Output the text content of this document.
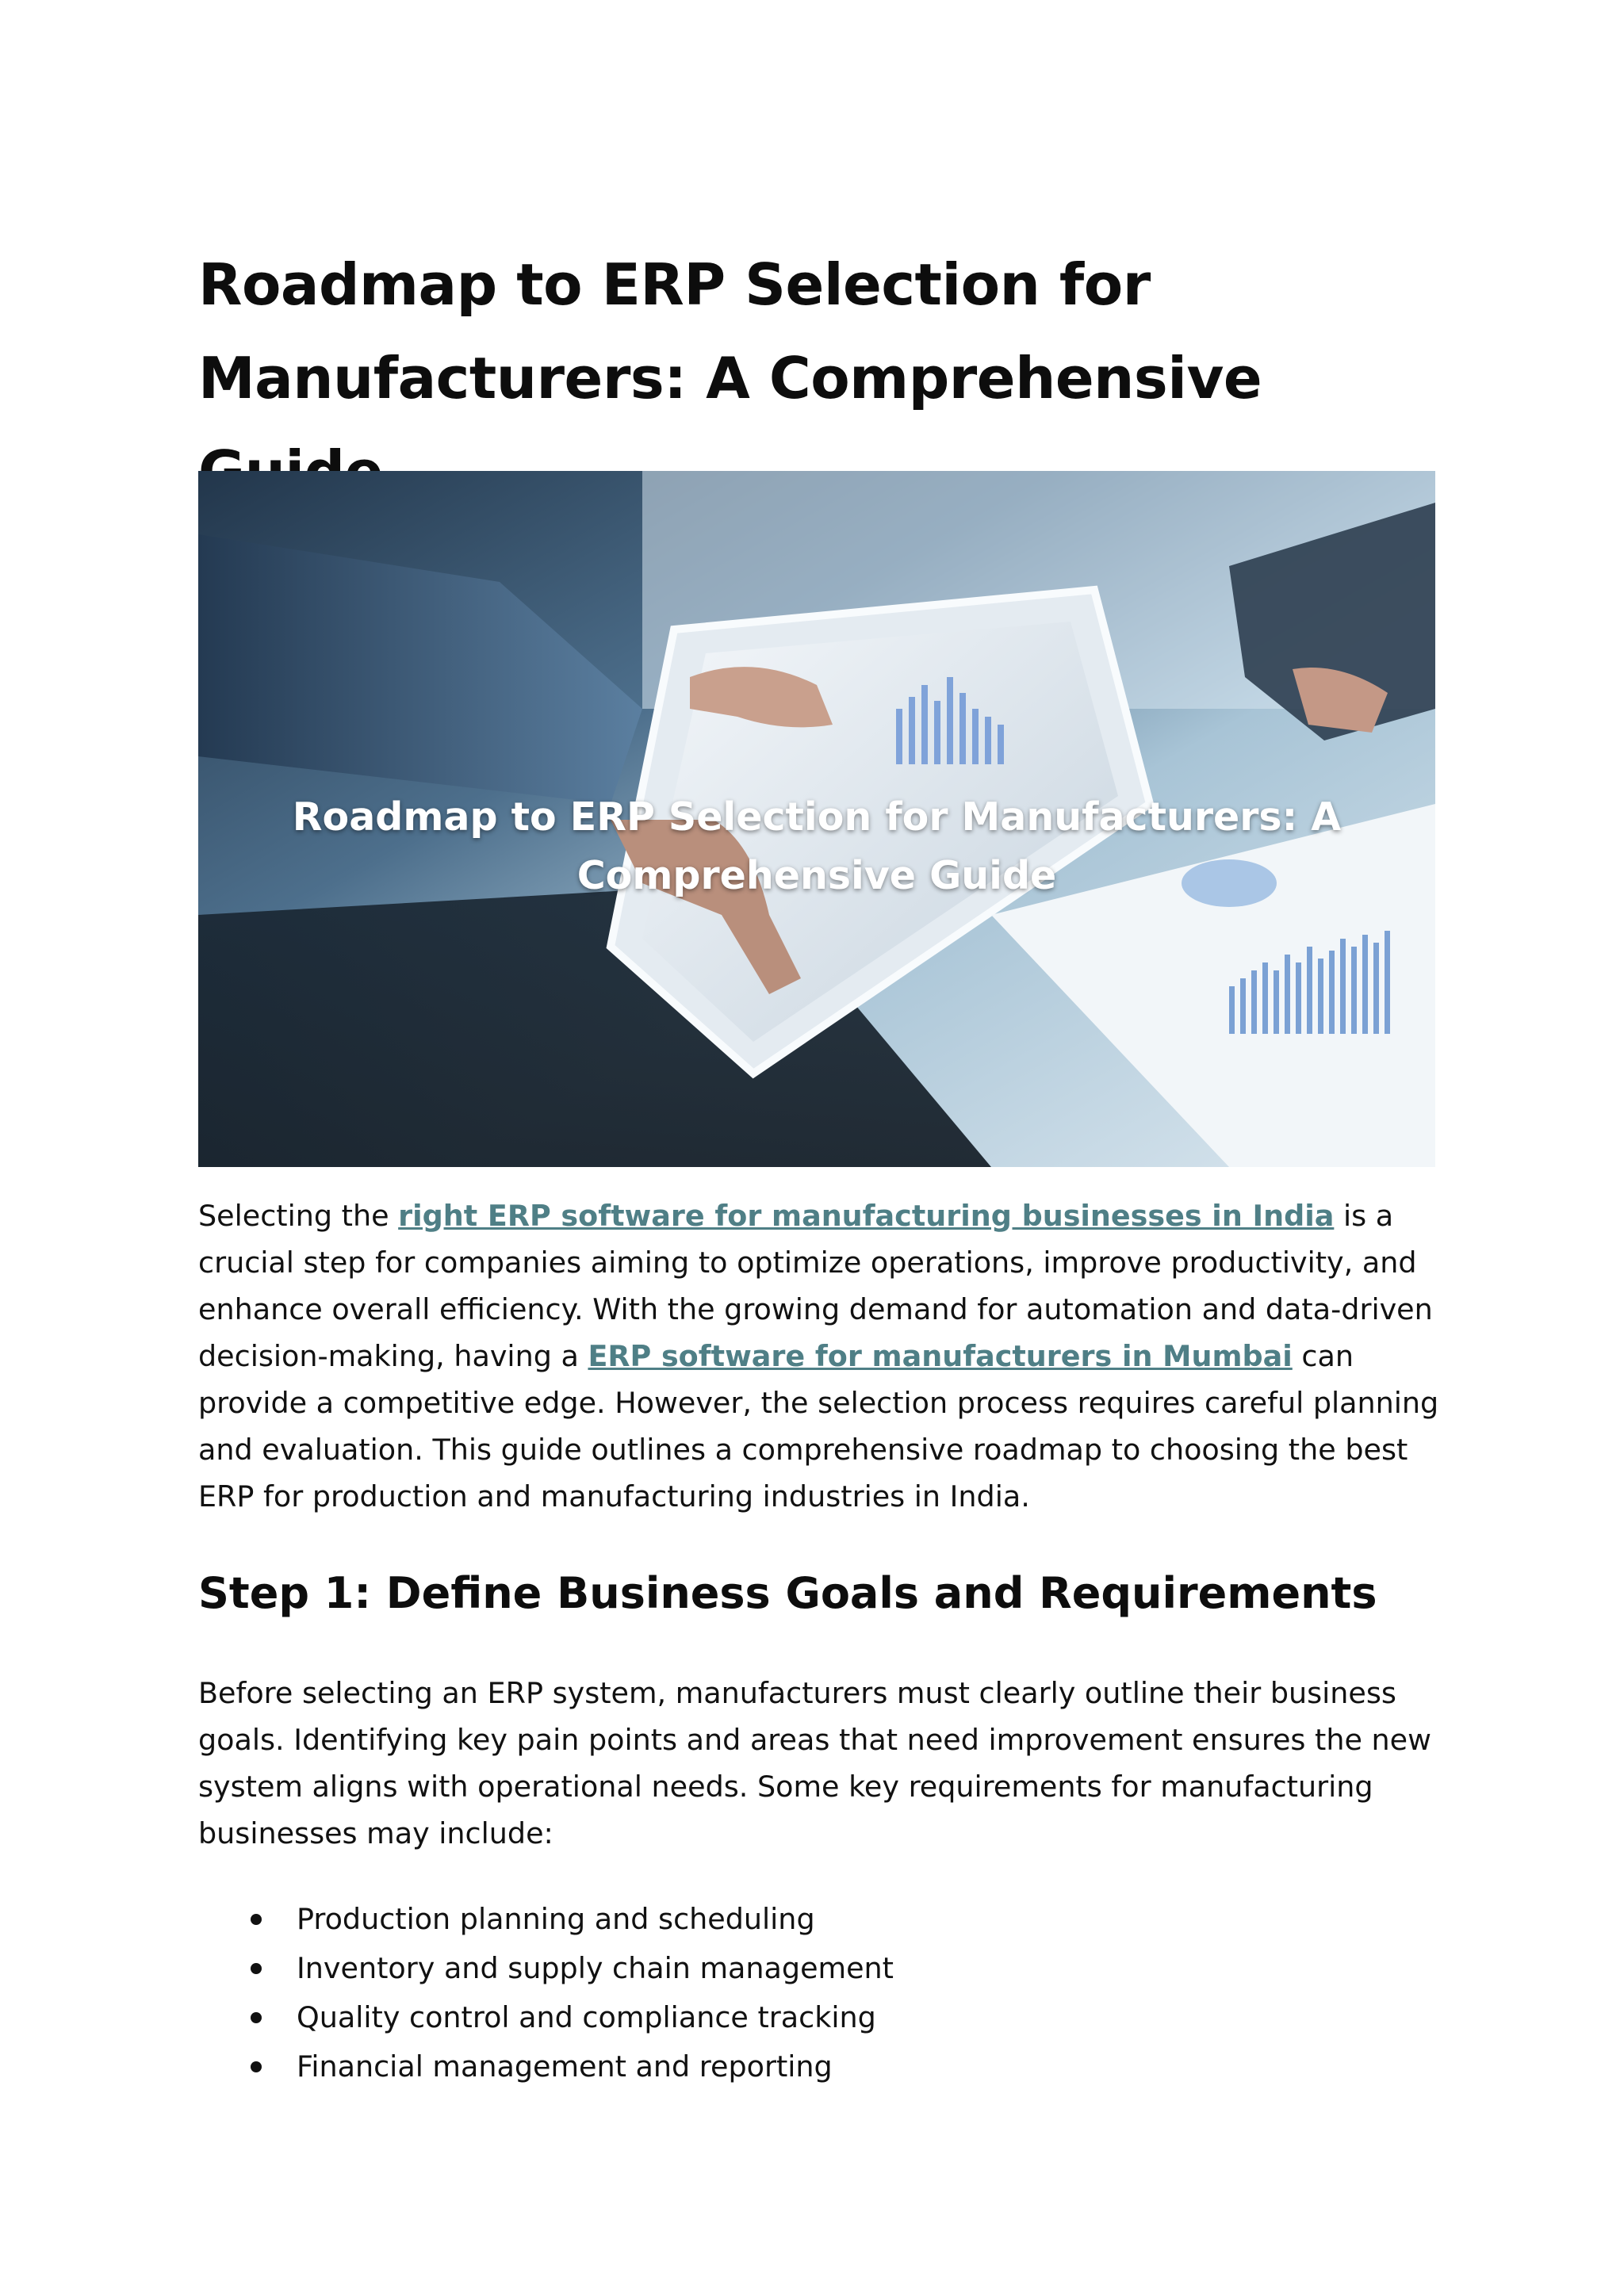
Roadmap to ERP Selection for
Manufacturers: A Comprehensive
Roadmap to ERP Selection for Manufacturers: A
Comprehensive Guide

Selecting the right ERP software for manufacturing businesses in India is a crucial step for companies aiming to optimize operations, improve productivity, and enhance overall efficiency. With the growing demand for automation and data-driven decision-making, having a ERP software for manufacturers in Mumbai can provide a competitive edge. However, the selection process requires careful planning and evaluation. This guide outlines a comprehensive roadmap to choosing the best ERP for production and manufacturing industries in India.

Step 1: Define Business Goals and Requirements

Before selecting an ERP system, manufacturers must clearly outline their business goals. Identifying key pain points and areas that need improvement ensures the new system aligns with operational needs. Some key requirements for manufacturing businesses may include:

Production planning and scheduling
Inventory and supply chain management
Quality control and compliance tracking
Financial management and reporting
